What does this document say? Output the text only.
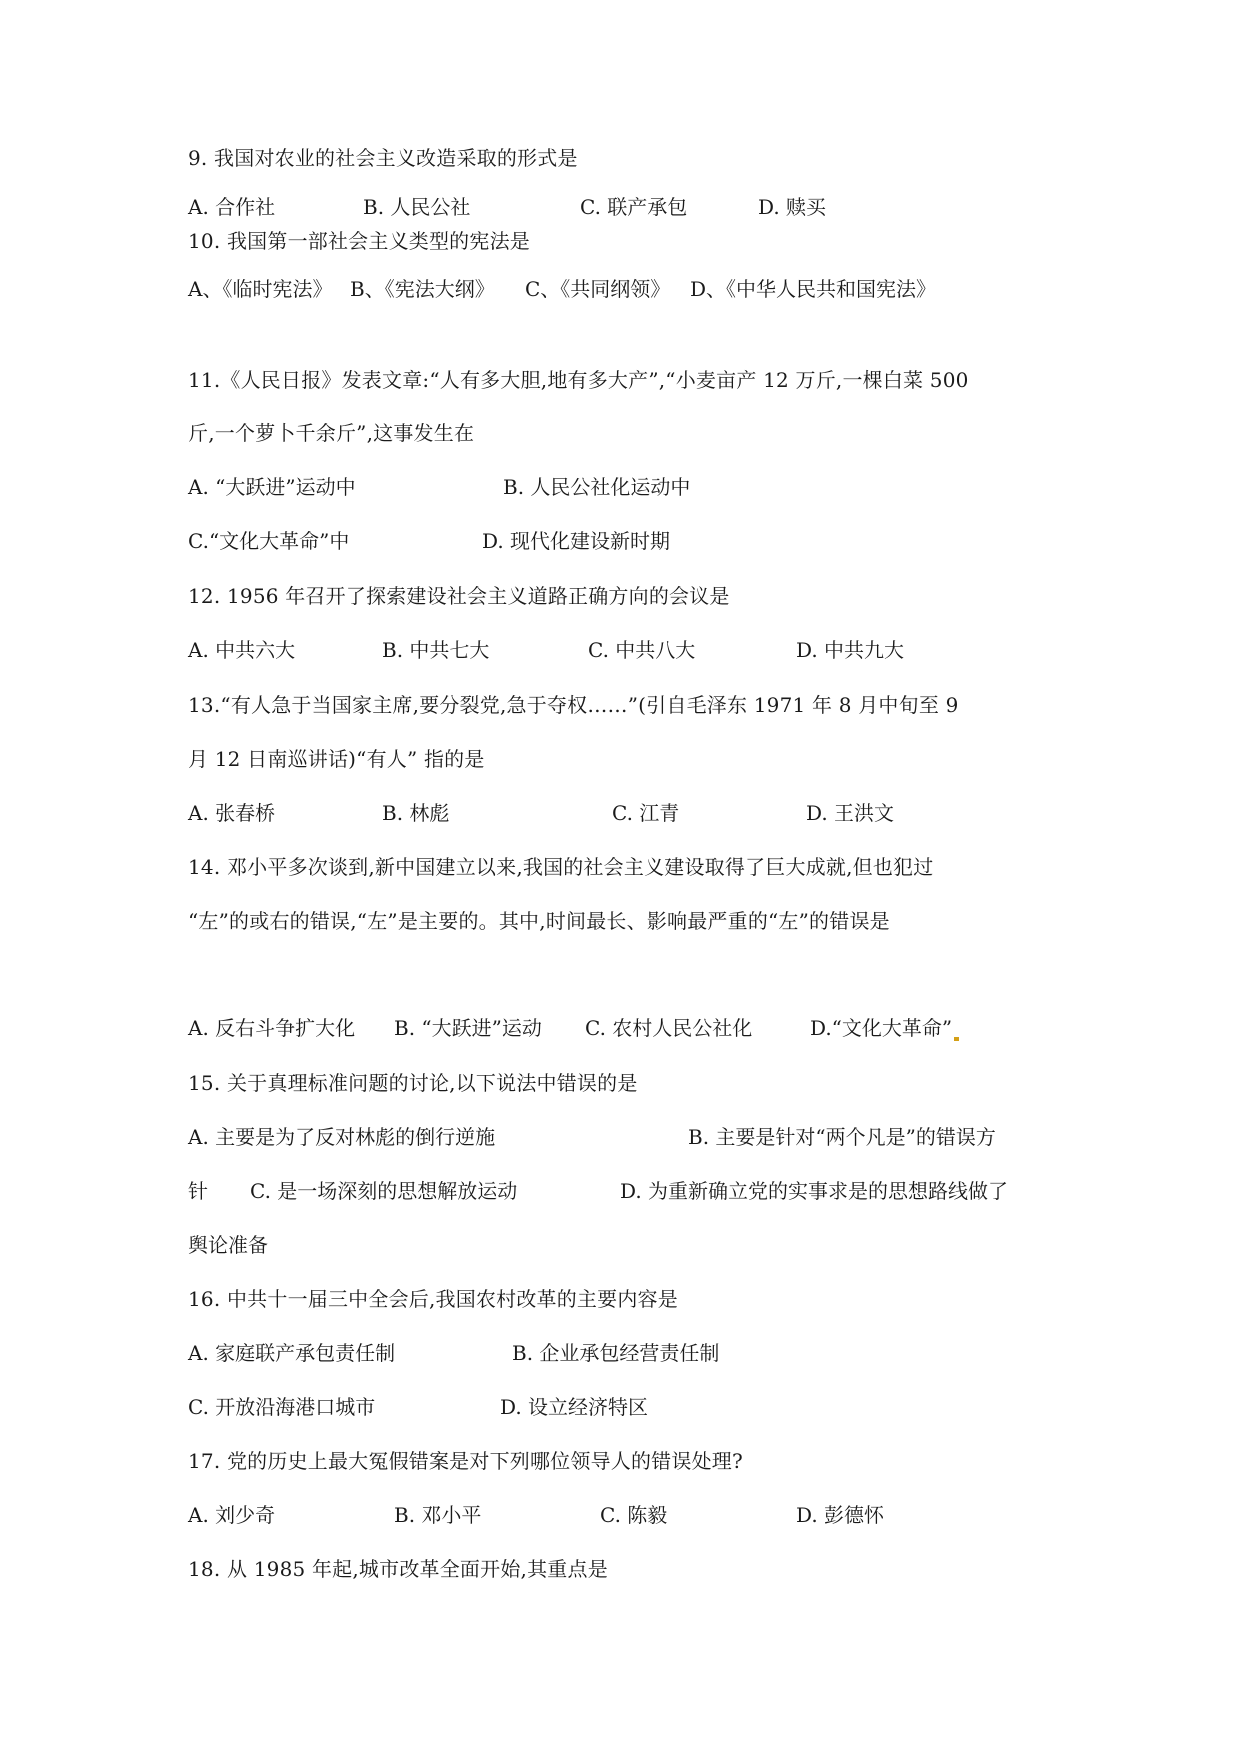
9. 我国对农业的社会主义改造采取的形式是
A. 合作社	B. 人民公社	C. 联产承包	D. 赎买
10. 我国第一部社会主义类型的宪法是
A、《临时宪法》 B、《宪法大纲》 C、《共同纲领》 D、《中华人民共和国宪法》
11.《人民日报》发表文章:“人有多大胆,地有多大产”,“小麦亩产 12 万斤,一棵白菜 500
斤,一个萝卜千余斤”,这事发生在
A. “大跃进”运动中	B. 人民公社化运动中
C.“文化大革命”中	D. 现代化建设新时期
12. 1956 年召开了探索建设社会主义道路正确方向的会议是
A. 中共六大	B. 中共七大	C. 中共八大	D. 中共九大
13.“有人急于当国家主席,要分裂党,急于夺权……”(引自毛泽东 1971 年 8 月中旬至 9
月 12 日南巡讲话)“有人” 指的是
A. 张春桥	B. 林彪	C. 江青	D. 王洪文
14. 邓小平多次谈到,新中国建立以来,我国的社会主义建设取得了巨大成就,但也犯过
“左”的或右的错误,“左”是主要的。其中,时间最长、影响最严重的“左”的错误是
A. 反右斗争扩大化 B. “大跃进”运动 C. 农村人民公社化	D.“文化大革命”
15. 关于真理标准问题的讨论,以下说法中错误的是
A. 主要是为了反对林彪的倒行逆施	B. 主要是针对“两个凡是”的错误方
针 C. 是一场深刻的思想解放运动	D. 为重新确立党的实事求是的思想路线做了
舆论准备
16. 中共十一届三中全会后,我国农村改革的主要内容是
A. 家庭联产承包责任制	B. 企业承包经营责任制
C. 开放沿海港口城市	D. 设立经济特区
17. 党的历史上最大冤假错案是对下列哪位领导人的错误处理?
A. 刘少奇	B. 邓小平	C. 陈毅	D. 彭德怀
18. 从 1985 年起,城市改革全面开始,其重点是
